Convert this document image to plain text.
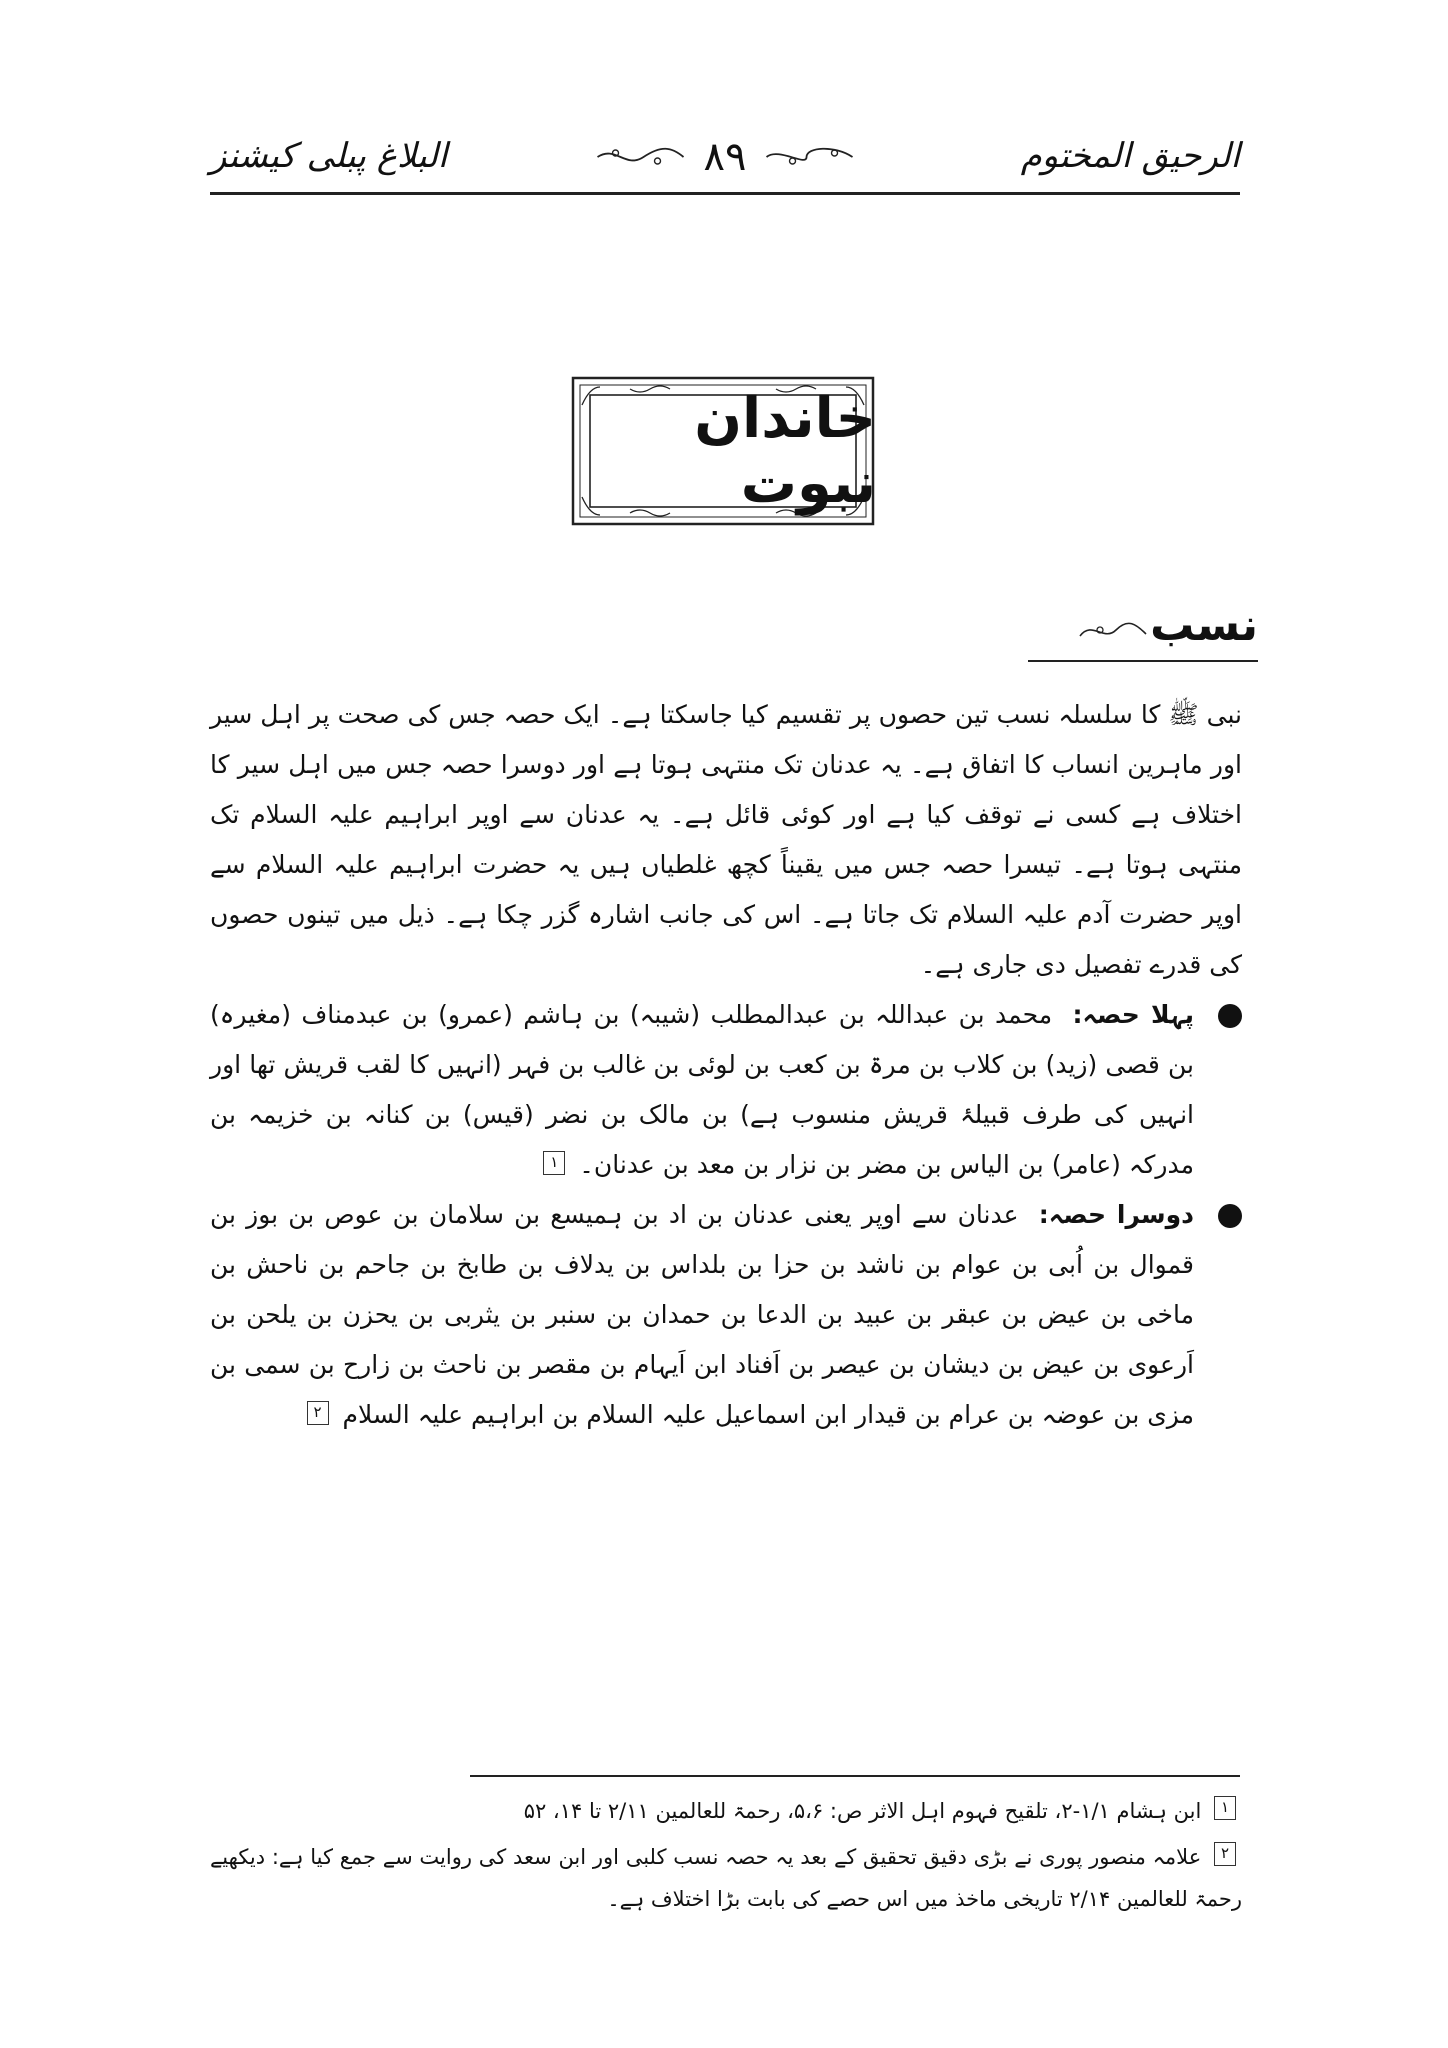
البلاغ پبلی کیشنز	۸۹	الرحیق المختوم
خاندان نبوت
نسب

نبی ﷺ کا سلسلہ نسب تین حصوں پر تقسیم کیا جاسکتا ہے۔ ایک حصہ جس کی صحت پر اہل سیر اور ماہرین انساب کا اتفاق ہے۔ یہ عدنان تک منتہی ہوتا ہے اور دوسرا حصہ جس میں اہل سیر کا اختلاف ہے کسی نے توقف کیا ہے اور کوئی قائل ہے۔ یہ عدنان سے اوپر ابراہیم علیہ السلام تک منتہی ہوتا ہے۔ تیسرا حصہ جس میں یقیناً کچھ غلطیاں ہیں یہ حضرت ابراہیم علیہ السلام سے اوپر حضرت آدم علیہ السلام تک جاتا ہے۔ اس کی جانب اشارہ گزر چکا ہے۔ ذیل میں تینوں حصوں کی قدرے تفصیل دی جاری ہے۔

پہلا حصہ: محمد بن عبداللہ بن عبدالمطلب (شیبہ) بن ہاشم (عمرو) بن عبدمناف (مغیرہ) بن قصی (زید) بن کلاب بن مرۃ بن کعب بن لوئی بن غالب بن فہر (انہیں کا لقب قریش تھا اور انہیں کی طرف قبیلۂ قریش منسوب ہے) بن مالک بن نضر (قیس) بن کنانہ بن خزیمہ بن مدرکہ (عامر) بن الیاس بن مضر بن نزار بن معد بن عدنان۔ ۱

دوسرا حصہ: عدنان سے اوپر یعنی عدنان بن اد بن ہمیسع بن سلامان بن عوص بن بوز بن قموال بن اُبی بن عوام بن ناشد بن حزا بن بلداس بن یدلاف بن طابخ بن جاحم بن ناحش بن ماخی بن عیض بن عبقر بن عبید بن الدعا بن حمدان بن سنبر بن یثربی بن یحزن بن یلحن بن اَرعوی بن عیض بن دیشان بن عیصر بن اَفناد ابن اَیہام بن مقصر بن ناحث بن زارح بن سمی بن مزی بن عوضہ بن عرام بن قیدار ابن اسماعیل علیہ السلام بن ابراہیم علیہ السلام ۲

۱ ابن ہشام ۱/۱-۲، تلقیح فہوم اہل الاثر ص: ۵،۶، رحمۃ للعالمین ۲/۱۱ تا ۱۴، ۵۲

۲ علامہ منصور پوری نے بڑی دقیق تحقیق کے بعد یہ حصہ نسب کلبی اور ابن سعد کی روایت سے جمع کیا ہے: دیکھیے رحمۃ للعالمین ۲/۱۴ تاریخی ماخذ میں اس حصے کی بابت بڑا اختلاف ہے۔
